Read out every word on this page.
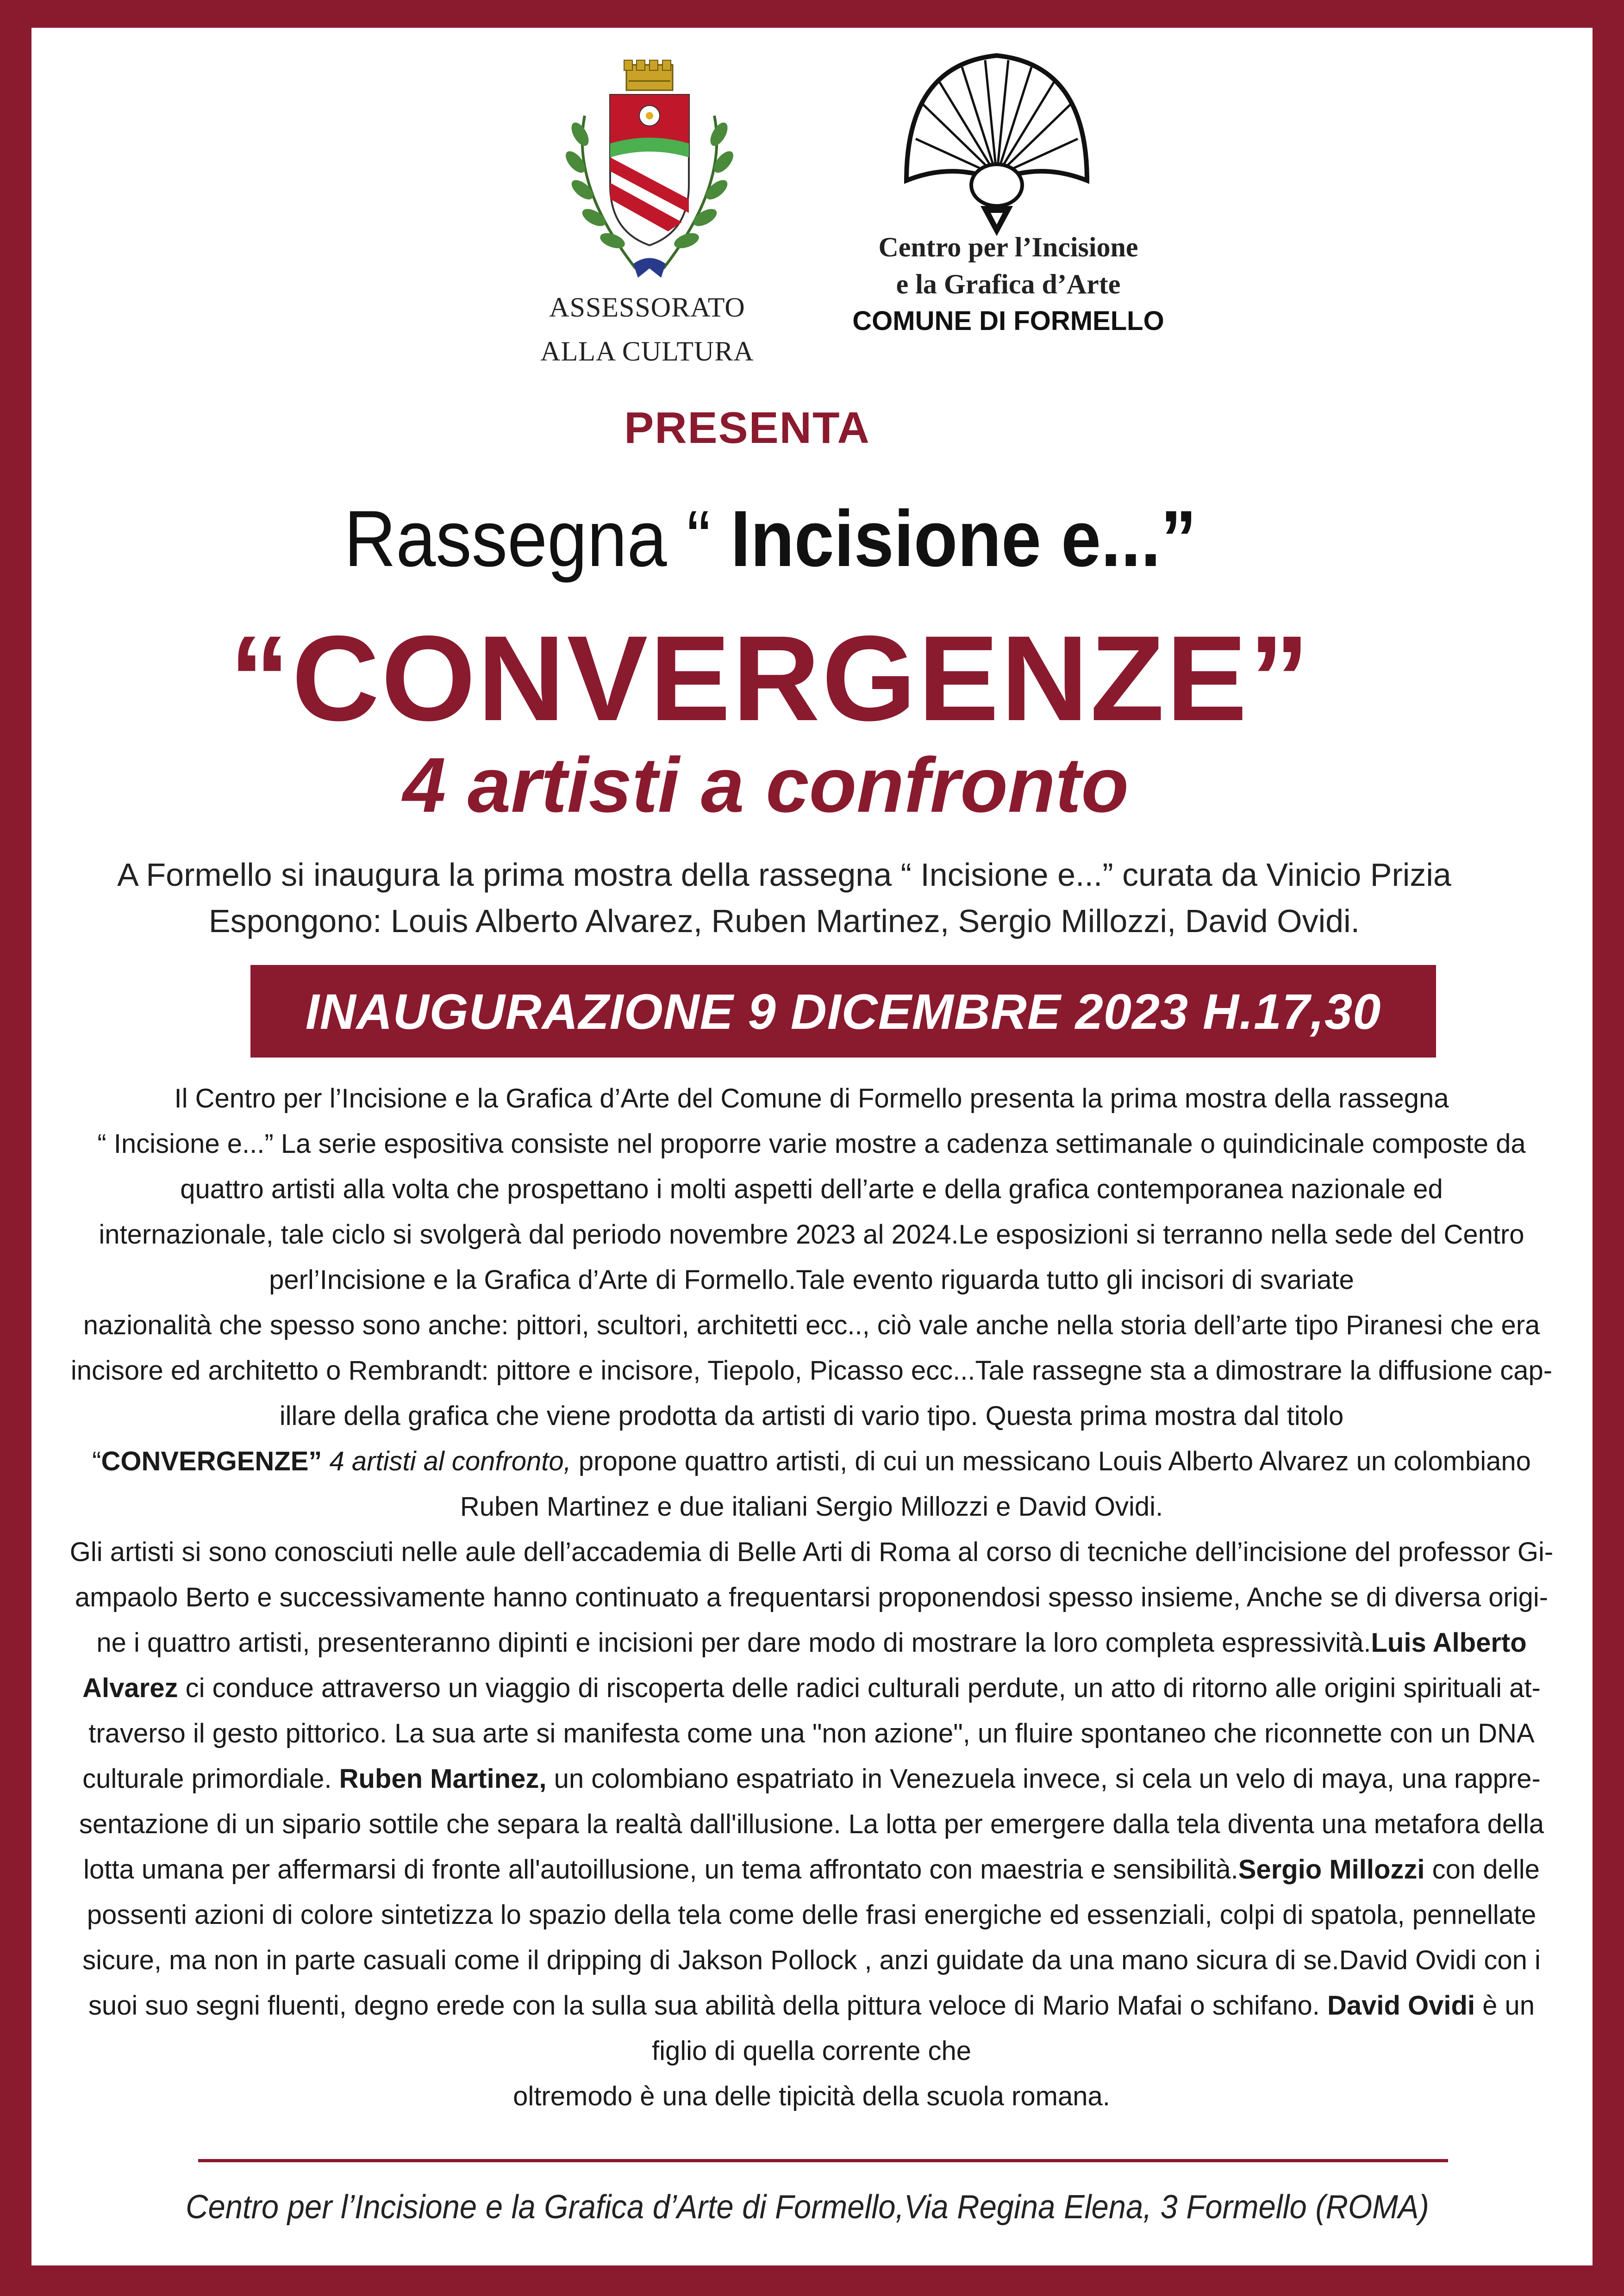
ASSESSORATO
ALLA CULTURA
Centro per l’Incisione
e la Grafica d’Arte
COMUNE DI FORMELLO
PRESENTA
Rassegna “ Incisione e...”
“CONVERGENZE”
4 artisti a confronto
A Formello si inaugura la prima mostra della rassegna “ Incisione e...” curata da Vinicio Prizia
Espongono: Louis Alberto Alvarez, Ruben Martinez, Sergio Millozzi, David Ovidi.
INAUGURAZIONE 9 DICEMBRE 2023 H.17,30
Il Centro per l’Incisione e la Grafica d’Arte del Comune di Formello presenta la prima mostra della rassegna
“ Incisione e...” La serie espositiva consiste nel proporre varie mostre a cadenza settimanale o quindicinale composte da
quattro artisti alla volta che prospettano i molti aspetti dell’arte e della grafica contemporanea nazionale ed
internazionale, tale ciclo si svolgerà dal periodo novembre 2023 al 2024.Le esposizioni si terranno nella sede del Centro
perl’Incisione e la Grafica d’Arte di Formello.Tale evento riguarda tutto gli incisori di svariate
nazionalità che spesso sono anche: pittori, scultori, architetti ecc.., ciò vale anche nella storia dell’arte tipo Piranesi che era
incisore ed architetto o Rembrandt: pittore e incisore, Tiepolo, Picasso ecc...Tale rassegne sta a dimostrare la diffusione cap-
illare della grafica che viene prodotta da artisti di vario tipo. Questa prima mostra dal titolo
“CONVERGENZE” 4 artisti al confronto, propone quattro artisti, di cui un messicano Louis Alberto Alvarez un colombiano
Ruben Martinez e due italiani Sergio Millozzi e David Ovidi.
Gli artisti si sono conosciuti nelle aule dell’accademia di Belle Arti di Roma al corso di tecniche dell’incisione del professor Gi-
ampaolo Berto e successivamente hanno continuato a frequentarsi proponendosi spesso insieme, Anche se di diversa origi-
ne i quattro artisti, presenteranno dipinti e incisioni per dare modo di mostrare la loro completa espressività.Luis Alberto
Alvarez ci conduce attraverso un viaggio di riscoperta delle radici culturali perdute, un atto di ritorno alle origini spirituali at-
traverso il gesto pittorico. La sua arte si manifesta come una "non azione", un fluire spontaneo che riconnette con un DNA
culturale primordiale. Ruben Martinez, un colombiano espatriato in Venezuela invece, si cela un velo di maya, una rappre-
sentazione di un sipario sottile che separa la realtà dall'illusione. La lotta per emergere dalla tela diventa una metafora della
lotta umana per affermarsi di fronte all'autoillusione, un tema affrontato con maestria e sensibilità.Sergio Millozzi con delle
possenti azioni di colore sintetizza lo spazio della tela come delle frasi energiche ed essenziali, colpi di spatola, pennellate
sicure, ma non in parte casuali come il dripping di Jakson Pollock , anzi guidate da una mano sicura di se.David Ovidi con i
suoi suo segni fluenti, degno erede con la sulla sua abilità della pittura veloce di Mario Mafai o schifano. David Ovidi è un
figlio di quella corrente che
oltremodo è una delle tipicità della scuola romana.
Centro per l’Incisione e la Grafica d’Arte di Formello,Via Regina Elena, 3 Formello (ROMA)
